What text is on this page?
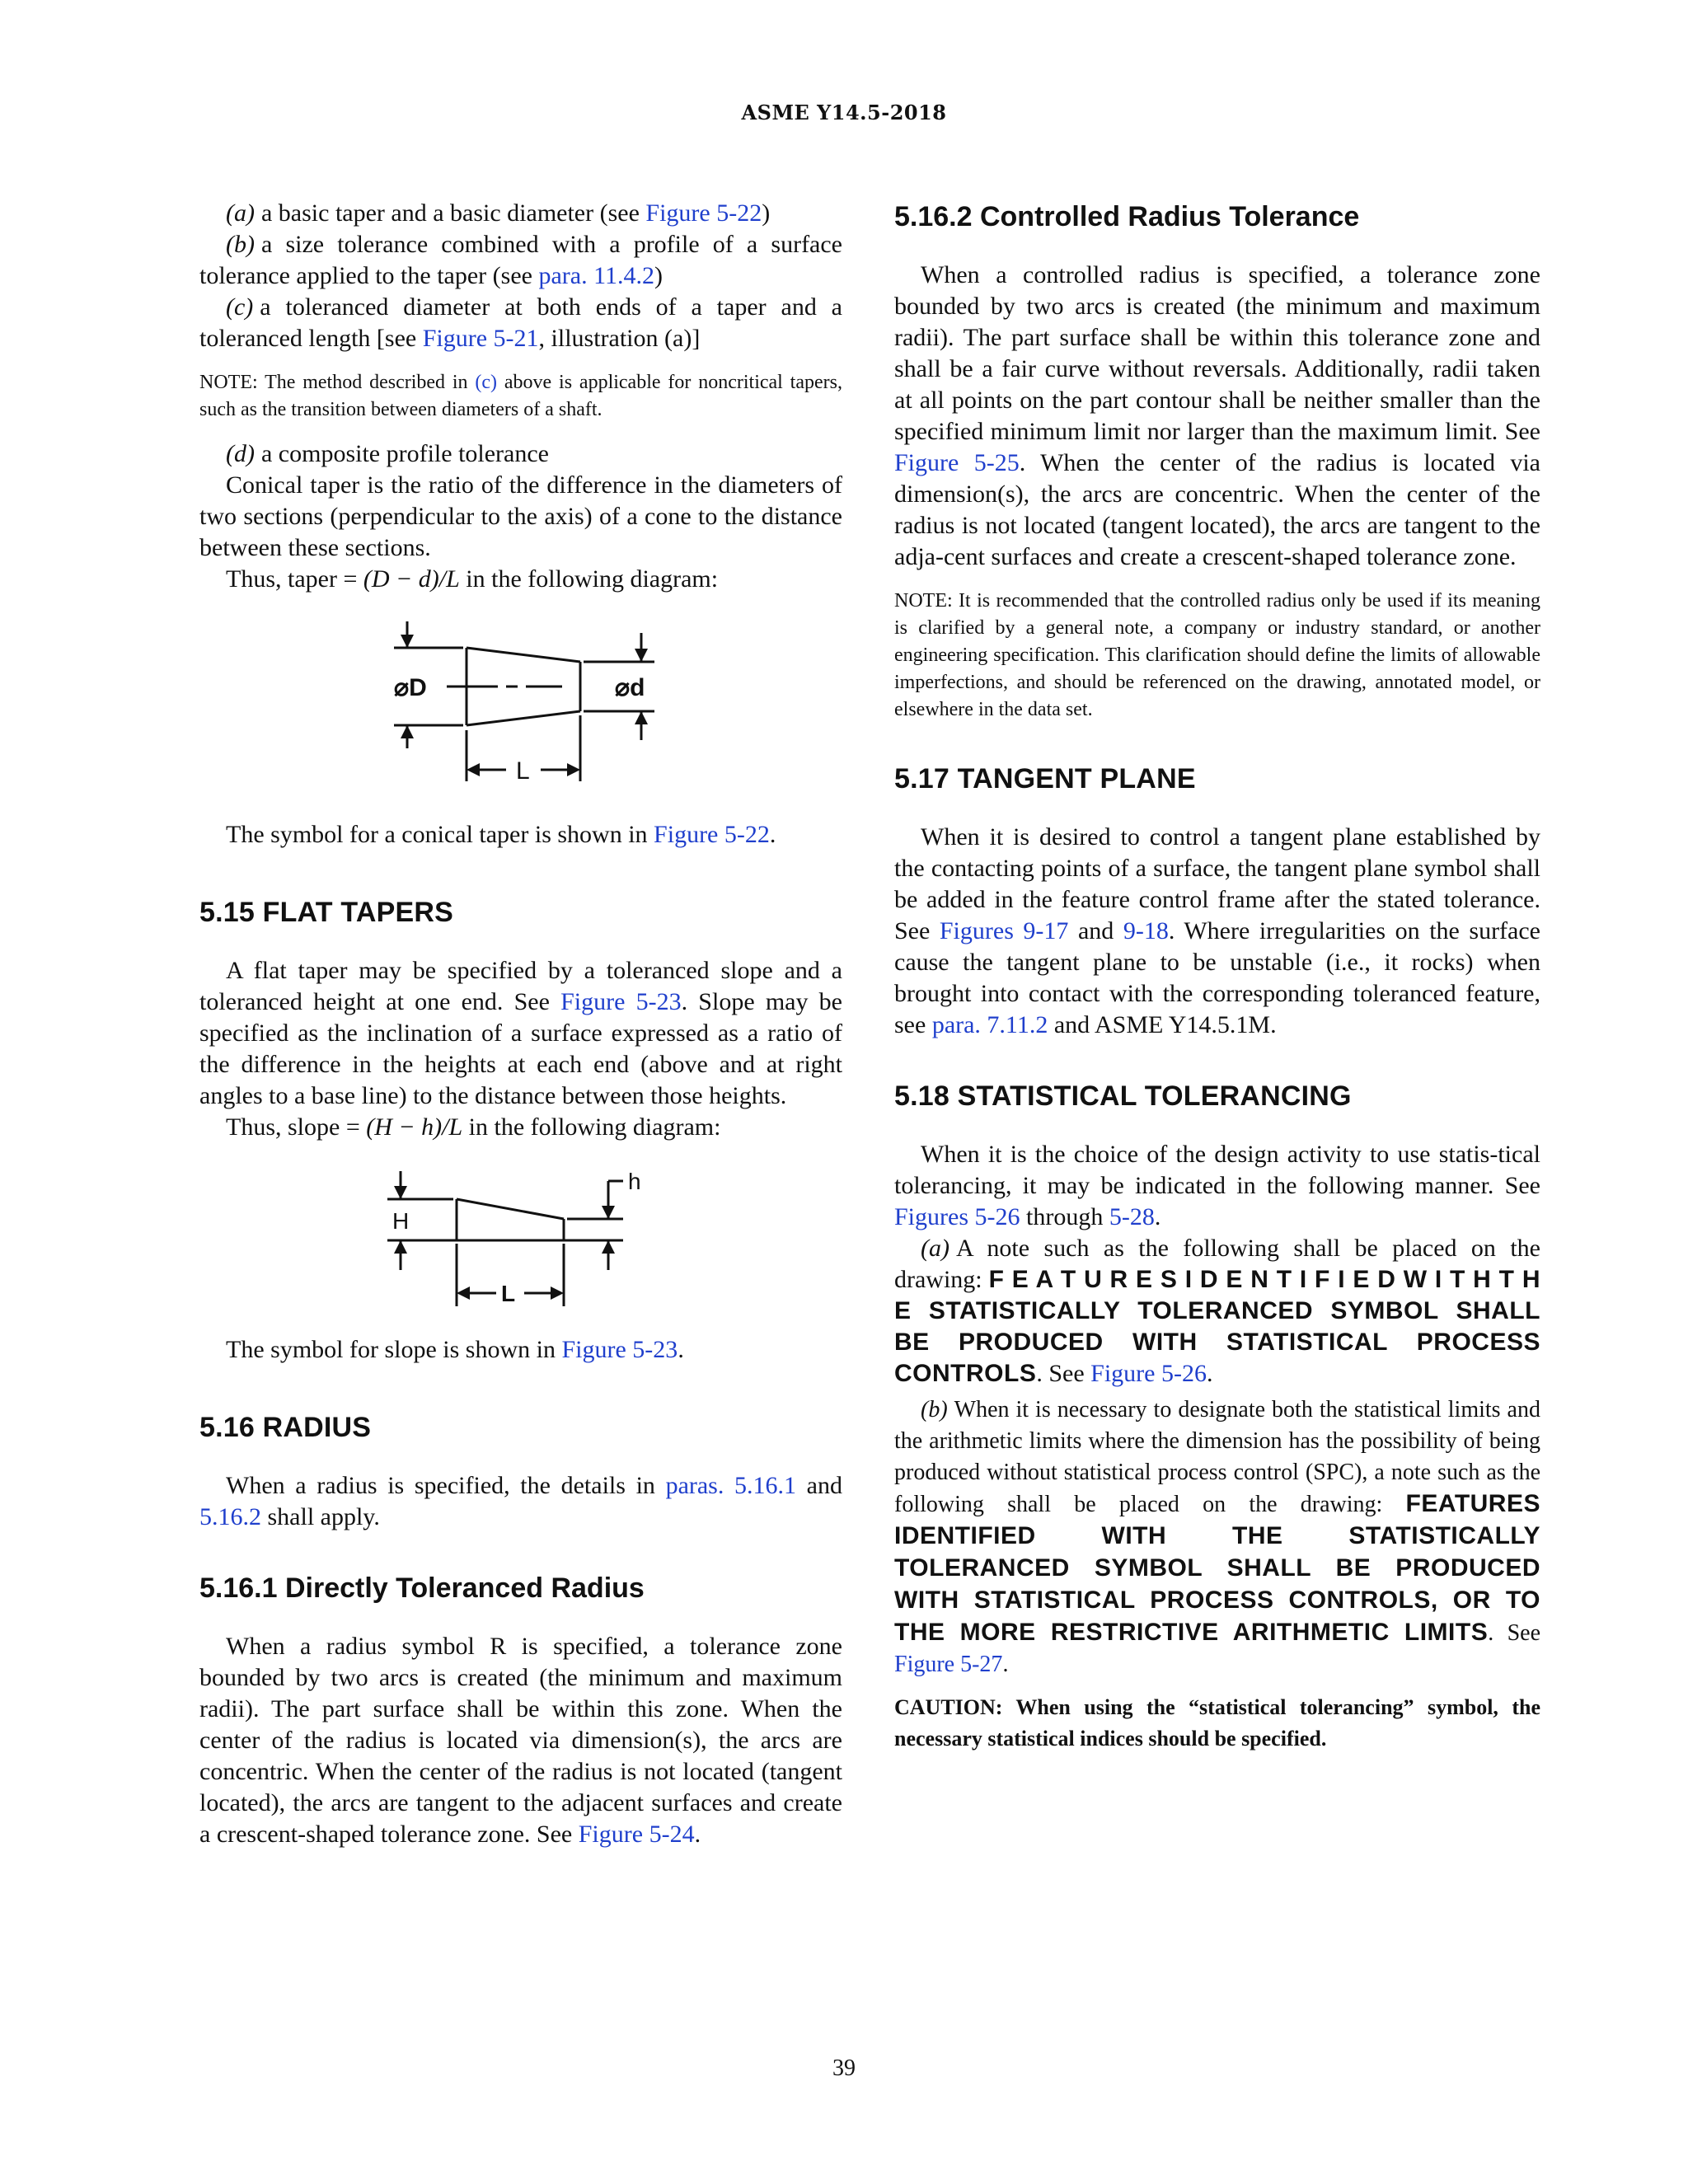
ASME Y14.5-2018

(a) a basic taper and a basic diameter (see Figure 5-22)

(b) a size tolerance combined with a profile of a surface tolerance applied to the taper (see para. 11.4.2)

(c) a toleranced diameter at both ends of a taper and a toleranced length [see Figure 5-21, illustration (a)]

NOTE: The method described in (c) above is applicable for noncritical tapers, such as the transition between diameters of a shaft.

(d) a composite profile tolerance

Conical taper is the ratio of the difference in the diameters of two sections (perpendicular to the axis) of a cone to the distance between these sections.

Thus, taper = (D − d)/L in the following diagram:

⌀D	⌀d
L

The symbol for a conical taper is shown in Figure 5-22.

5.15 FLAT TAPERS

A flat taper may be specified by a toleranced slope and a toleranced height at one end. See Figure 5-23. Slope may be specified as the inclination of a surface expressed as a ratio of the difference in the heights at each end (above and at right angles to a base line) to the distance between those heights.

Thus, slope = (H − h)/L in the following diagram:

H
h
L

The symbol for slope is shown in Figure 5-23.

5.16 RADIUS

When a radius is specified, the details in paras. 5.16.1 and 5.16.2 shall apply.

5.16.1 Directly Toleranced Radius

When a radius symbol R is specified, a tolerance zone bounded by two arcs is created (the minimum and maximum radii). The part surface shall be within this zone. When the center of the radius is located via dimension(s), the arcs are concentric. When the center of the radius is not located (tangent located), the arcs are tangent to the adjacent surfaces and create a crescent-shaped tolerance zone. See Figure 5-24.

5.16.2 Controlled Radius Tolerance

When a controlled radius is specified, a tolerance zone bounded by two arcs is created (the minimum and maximum radii). The part surface shall be within this tolerance zone and shall be a fair curve without reversals. Additionally, radii taken at all points on the part contour shall be neither smaller than the specified minimum limit nor larger than the maximum limit. See Figure 5-25. When the center of the radius is located via dimension(s), the arcs are concentric. When the center of the radius is not located (tangent located), the arcs are tangent to the adja-cent surfaces and create a crescent-shaped tolerance zone.

NOTE: It is recommended that the controlled radius only be used if its meaning is clarified by a general note, a company or industry standard, or another engineering specification. This clarification should define the limits of allowable imperfections, and should be referenced on the drawing, annotated model, or elsewhere in the data set.

5.17 TANGENT PLANE

When it is desired to control a tangent plane established by the contacting points of a surface, the tangent plane symbol shall be added in the feature control frame after the stated tolerance. See Figures 9-17 and 9-18. Where irregularities on the surface cause the tangent plane to be unstable (i.e., it rocks) when brought into contact with the corresponding toleranced feature, see para. 7.11.2 and ASME Y14.5.1M.

5.18 STATISTICAL TOLERANCING

When it is the choice of the design activity to use statis-tical tolerancing, it may be indicated in the following manner. See Figures 5-26 through 5-28.

(a) A note such as the following shall be placed on the drawing: F E A T U R E S I D E N T I F I E D W I T H T H E STATISTICALLY TOLERANCED SYMBOL SHALL BE PRODUCED WITH STATISTICAL PROCESS CONTROLS. See Figure 5-26.

(b) When it is necessary to designate both the statistical limits and the arithmetic limits where the dimension has the possibility of being produced without statistical process control (SPC), a note such as the following shall be placed on the drawing: FEATURES IDENTIFIED WITH THE STATISTICALLY TOLERANCED SYMBOL SHALL BE PRODUCED WITH STATISTICAL PROCESS CONTROLS, OR TO THE MORE RESTRICTIVE ARITHMETIC LIMITS. See Figure 5-27.

CAUTION: When using the “statistical tolerancing” symbol, the necessary statistical indices should be specified.

39
